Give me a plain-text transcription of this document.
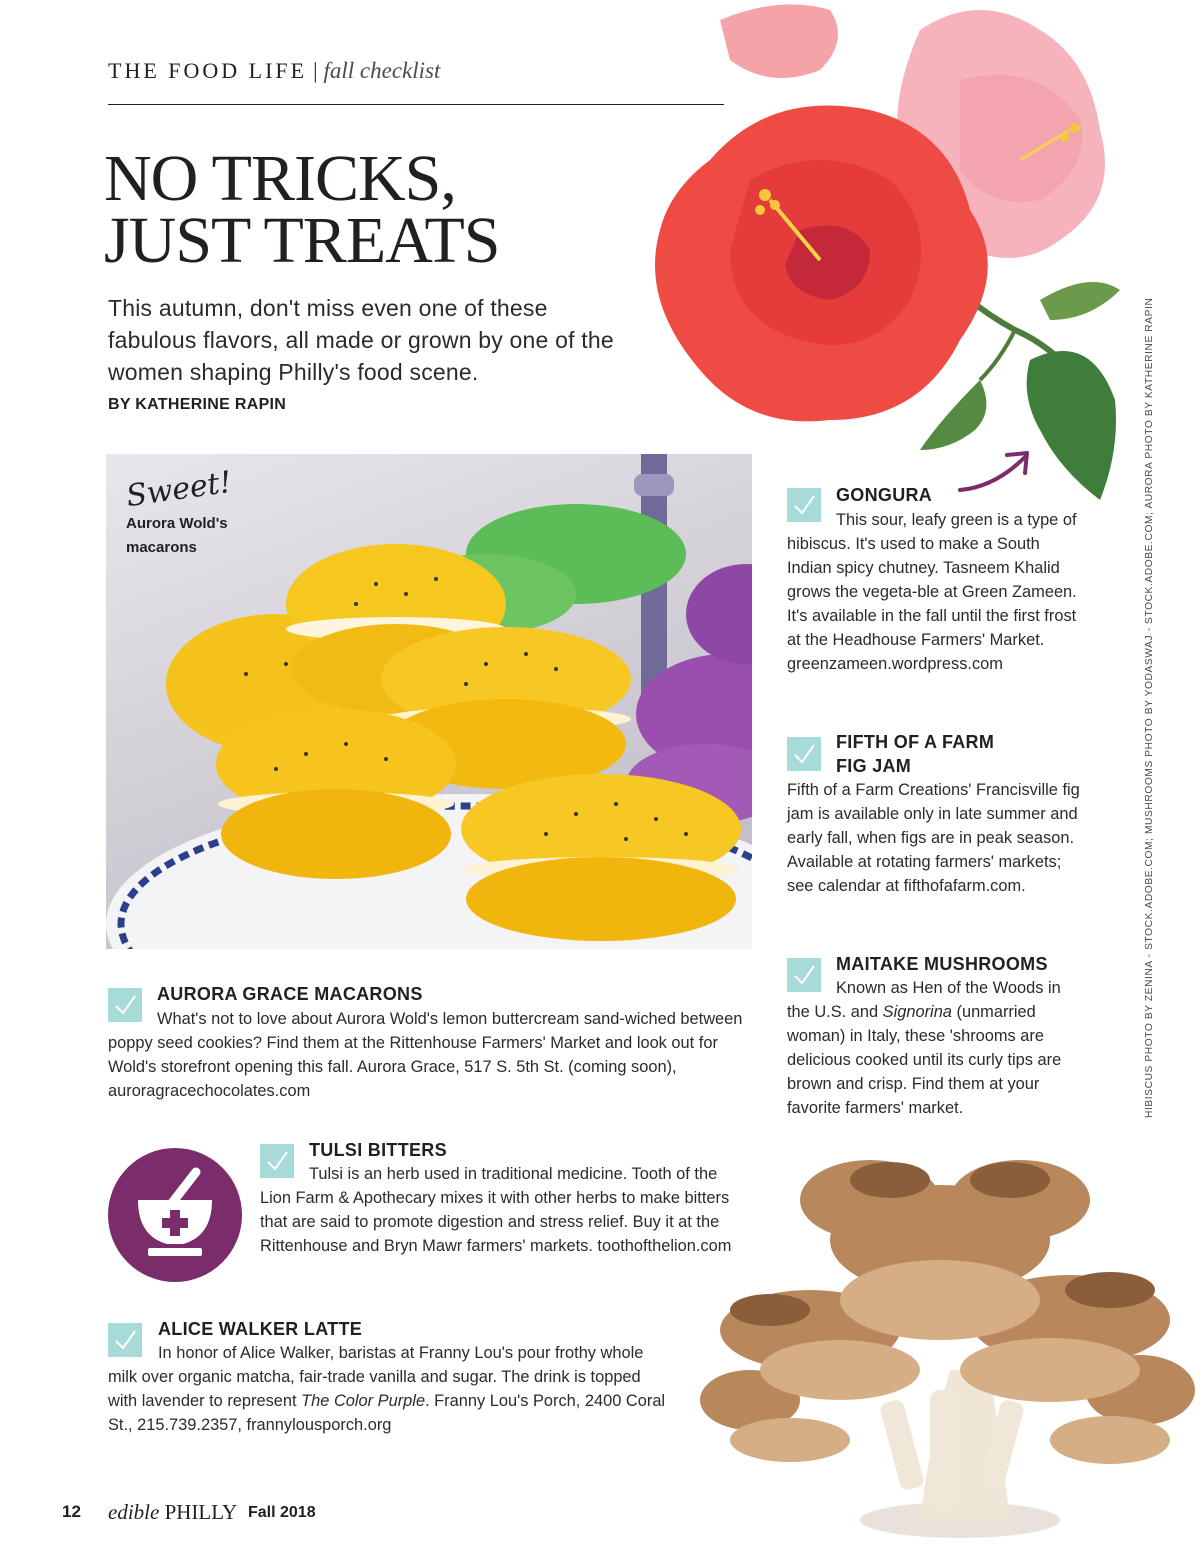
THE FOOD LIFE | fall checklist
NO TRICKS,
JUST TREATS
This autumn, don't miss even one of these fabulous flavors, all made or grown by one of the women shaping Philly's food scene.
BY KATHERINE RAPIN
Sweet!
Aurora Wold's macarons
GONGURA
This sour, leafy green is a type of hibiscus. It's used to make a South Indian spicy chutney. Tasneem Khalid grows the vegeta-ble at Green Zameen. It's available in the fall until the first frost at the Headhouse Farmers' Market. greenzameen.wordpress.com
FIFTH OF A FARM
FIG JAM
Fifth of a Farm Creations' Francisville fig jam is available only in late summer and early fall, when figs are in peak season. Available at rotating farmers' markets; see calendar at fifthofafarm.com.
MAITAKE MUSHROOMS
Known as Hen of the Woods in the U.S. and Signorina (unmarried woman) in Italy, these 'shrooms are delicious cooked until its curly tips are brown and crisp. Find them at your favorite farmers' market.	HIBISCUS PHOTO BY ZENINA - STOCK.ADOBE.COM; MUSHROOMS PHOTO BY YODASWAJ - STOCK.ADOBE.COM; AURORA PHOTO BY KATHERINE RAPIN
AURORA GRACE MACARONS
What's not to love about Aurora Wold's lemon buttercream sand-wiched between poppy seed cookies? Find them at the Rittenhouse Farmers' Market and look out for Wold's storefront opening this fall. Aurora Grace, 517 S. 5th St. (coming soon), auroragracechocolates.com
TULSI BITTERS
Tulsi is an herb used in traditional medicine. Tooth of the Lion Farm & Apothecary mixes it with other herbs to make bitters that are said to promote digestion and stress relief. Buy it at the Rittenhouse and Bryn Mawr farmers' markets. toothofthelion.com
ALICE WALKER LATTE
In honor of Alice Walker, baristas at Franny Lou's pour frothy whole milk over organic matcha, fair-trade vanilla and sugar. The drink is topped with lavender to represent The Color Purple. Franny Lou's Porch, 2400 Coral St., 215.739.2357, frannylousporch.org
12 edible PHILLY Fall 2018
